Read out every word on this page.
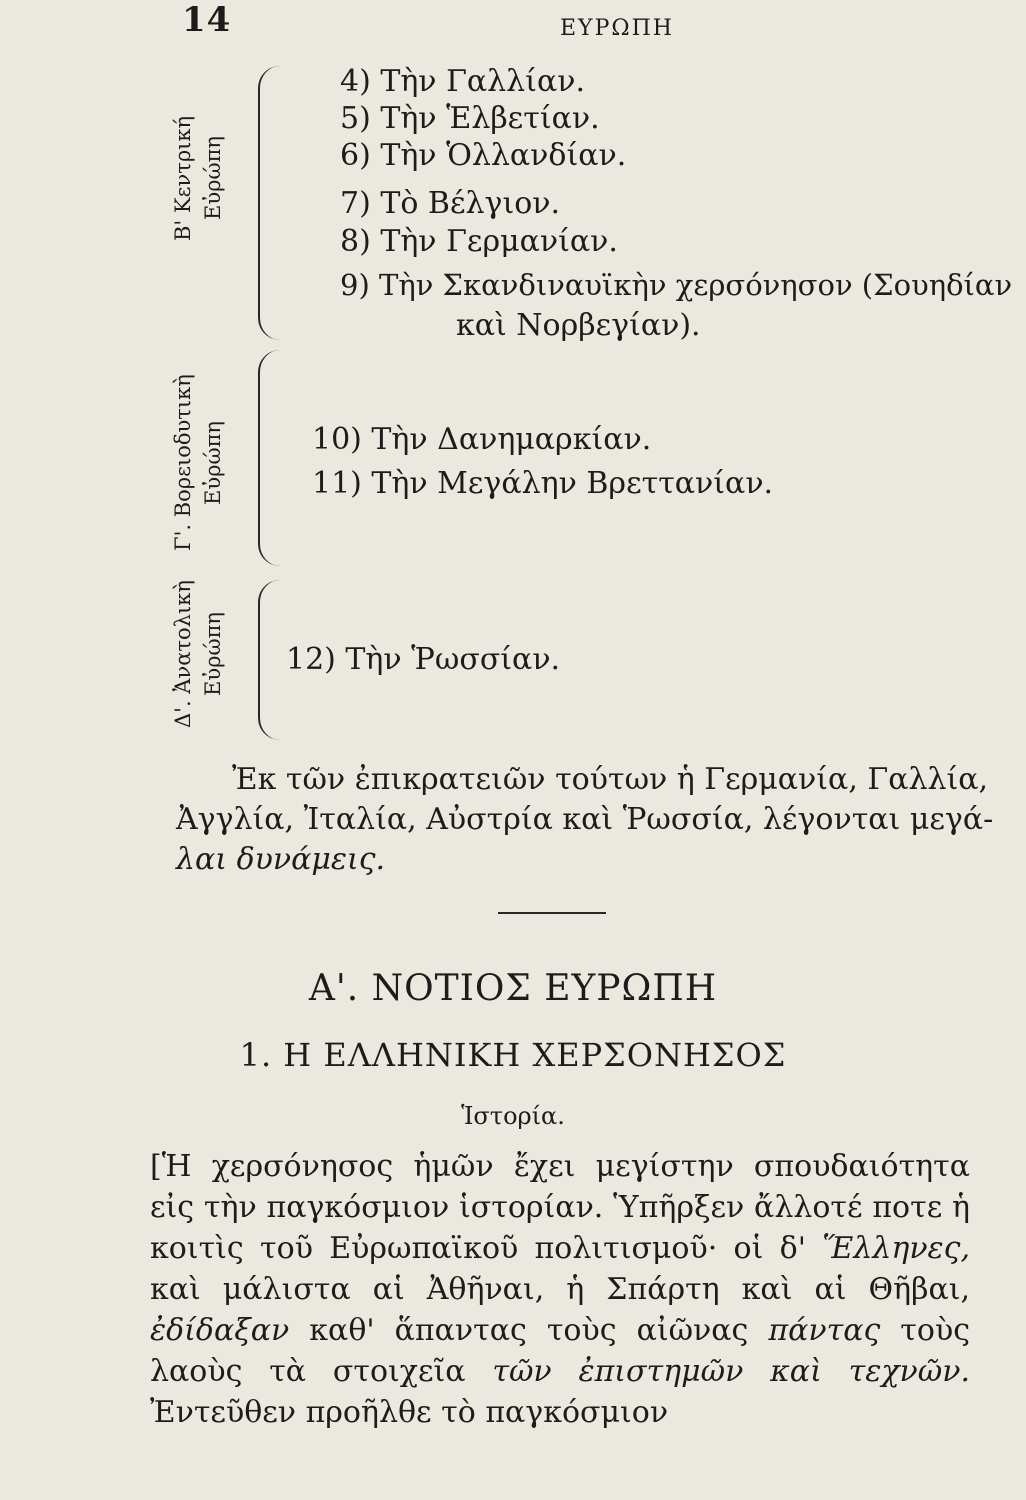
14	ΕΥΡΩΠΗ
Β' Κεντρική Εὐρώπη
4) Τὴν Γαλλίαν.
5) Τὴν Ἑλβετίαν.
6) Τὴν Ὁλλανδίαν.
7) Τὸ Βέλγιον.
8) Τὴν Γερμανίαν.
9) Τὴν Σκανδιναυϊκὴν χερσόνησον (Σουηδίαν
καὶ Νορβεγίαν).
Γ'. Βορειοδυτικὴ Εὐρώπη	10) Τὴν Δανημαρκίαν.
11) Τὴν Μεγάλην Βρεττανίαν.
Δ'. Ἀνατολικὴ Εὐρώπη	12) Τὴν Ῥωσσίαν.
Ἐκ τῶν ἐπικρατειῶν τούτων ἡ Γερμανία, Γαλλία,
Ἀγγλία, Ἰταλία, Αὐστρία καὶ Ῥωσσία, λέγονται μεγά-
λαι δυνάμεις.
Α'. ΝΟΤΙΟΣ ΕΥΡΩΠΗ
1. Η ΕΛΛΗΝΙΚΗ ΧΕΡΣΟΝΗΣΟΣ
Ἱστορία.
[Ἡ χερσόνησος ἡμῶν ἔχει μεγίστην σπουδαιότητα εἰς τὴν παγκόσμιον ἱστορίαν. Ὑπῆρξεν ἄλλοτέ ποτε ἡ κοιτὶς τοῦ Εὐρωπαϊκοῦ πολιτισμοῦ· οἱ δ' Ἕλληνες, καὶ μάλιστα αἱ Ἀθῆναι, ἡ Σπάρτη καὶ αἱ Θῆβαι, ἐδίδαξαν καθ' ἅπαντας τοὺς αἰῶνας πάντας τοὺς λαοὺς τὰ στοιχεῖα τῶν ἐπιστημῶν καὶ τεχνῶν. Ἐντεῦθεν προῆλθε τὸ παγκόσμιον
